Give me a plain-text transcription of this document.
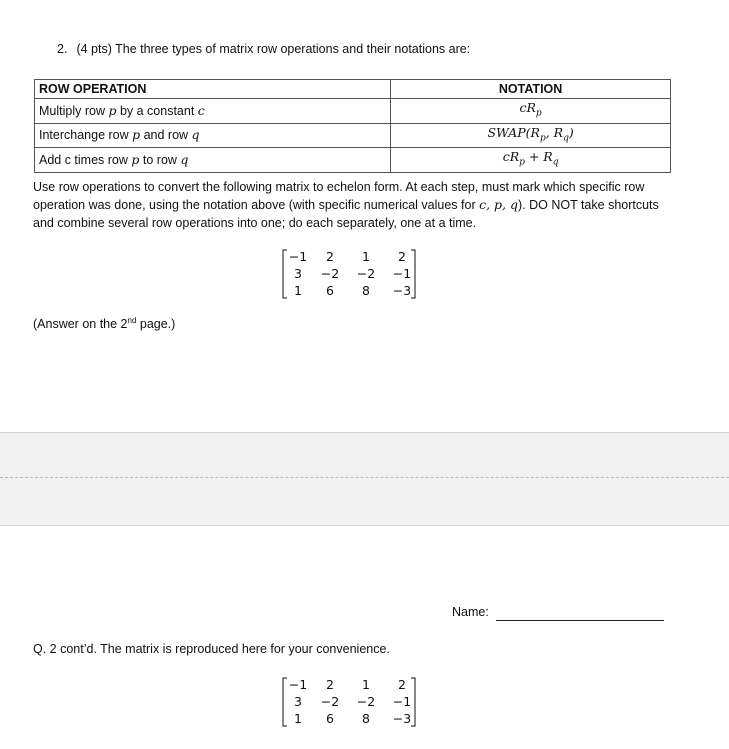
2. (4 pts) The three types of matrix row operations and their notations are:
ROW OPERATION	NOTATION
Multiply row p by a constant c	$cR_p$
Interchange row p and row q	$SWAP(R_p$, $R_q$)
Add c times row p to row q	$cR_p + R_q$
Use row operations to convert the following matrix to echelon form. At each step, must mark which specific row operation was done, using the notation above (with specific numerical values for c, p, q). DO NOT take shortcuts and combine several row operations into one; do each separately, one at a time.
−1 2 1 2
3 −2 −2 −1
1 6 8 −3
(Answer on the 2nd page.)
Name:
Q. 2 cont’d. The matrix is reproduced here for your convenience.
−1 2 1 2
3 −2 −2 −1
1 6 8 −3
